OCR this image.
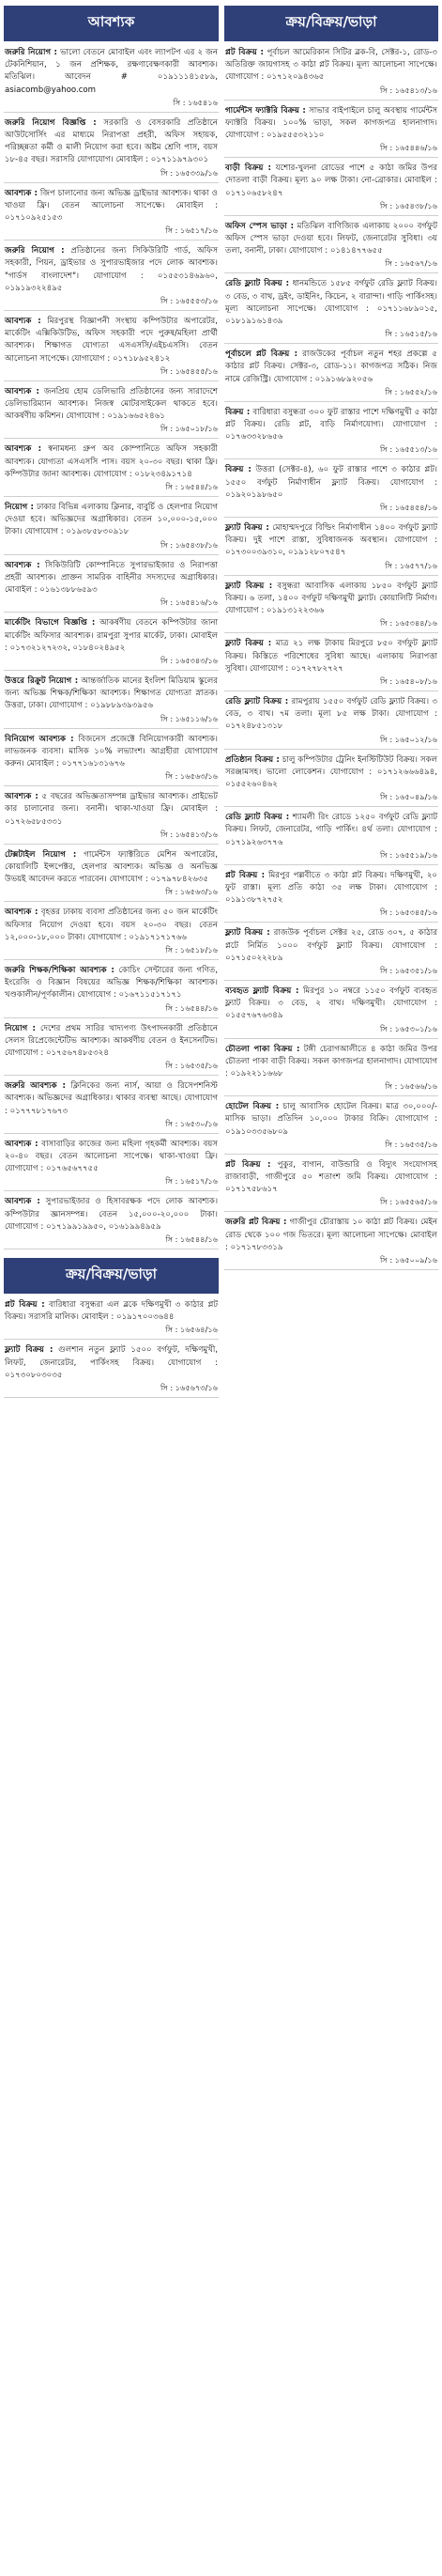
আবশ্যক

জরুরি নিয়োগ : ভালো বেতনে মোবাইল এবং ল্যাপটপ এর ২ জন টেকনিশিয়ান, ১ জন প্রশিক্ষক, রক্ষণাবেক্ষণকারী আবশ্যক। মতিঝিল। আবেদন # ০১৯১১১৪১৫৮৯, asiacomb@yahoo.com
সি : ১৬৫৪১৬

জরুরি নিয়োগ বিজ্ঞপ্তি : সরকারি ও বেসরকারি প্রতিষ্ঠানে আউটসোর্সিং এর মাধ্যমে নিরাপত্তা প্রহরী, অফিস সহায়ক, পরিচ্ছন্নতা কর্মী ও মালী নিয়োগ করা হবে। অষ্টম শ্রেণি পাস, বয়স ১৮-৪৫ বছর। সরাসরি যোগাযোগ। মোবাইল : ০১৭১১৯৭৯৩০১
সি : ১৬৫৩৩৯/১৬

আবশ্যক : জিপ চালানোর জন্য অভিজ্ঞ ড্রাইভার আবশ্যক। থাকা ও খাওয়া ফ্রি। বেতন আলোচনা সাপেক্ষে। মোবাইল : ০১৭১০৯২৫১৫৩
সি : ১৬৫১৭/১৬

জরুরি নিয়োগ : প্রতিষ্ঠানের জন্য সিকিউরিটি গার্ড, অফিস সহকারী, পিয়ন, ড্রাইভার ও সুপারভাইজার পদে লোক আবশ্যক। "গার্ডস বাংলাদেশ"। যোগাযোগ : ০১৫৫৩১৪৬৯৬০, ০১৯১৯৩২২৪৯৫
সি : ১৬৫৫৫৩/১৬

আবশ্যক : মিরপুরস্থ বিজ্ঞাপনী সংস্থায় কম্পিউটার অপারেটর, মার্কেটিং এক্সিকিউটিভ, অফিস সহকারী পদে পুরুষ/মহিলা প্রার্থী আবশ্যক। শিক্ষাগত যোগ্যতা এসএসসি/এইচএসসি। বেতন আলোচনা সাপেক্ষে। যোগাযোগ : ০১৭১৮৯৫২৪১২
সি : ১৬৫৪৫৫/১৬

আবশ্যক : জনপ্রিয় হোম ডেলিভারি প্রতিষ্ঠানের জন্য সারাদেশে ডেলিভারিম্যান আবশ্যক। নিজস্ব মোটরসাইকেল থাকতে হবে। আকর্ষণীয় কমিশন। যোগাযোগ : ০১৯১৬৬৫২৪৬১
সি : ১৬৫০১৮/১৬

আবশ্যক : স্বনামধন্য গ্রুপ অব কোম্পানিতে অফিস সহকারী আবশ্যক। যোগ্যতা এসএসসি পাস। বয়স ২০-৩০ বছর। থাকা ফ্রি। কম্পিউটার জানা আবশ্যক। যোগাযোগ : ০১৮২৩৪৯১৭১৪
সি : ১৬৫৪৪/১৬

নিয়োগ : ঢাকার বিভিন্ন এলাকায় ক্লিনার, বাবুর্চি ও হেলপার নিয়োগ দেওয়া হবে। অভিজ্ঞদের অগ্রাধিকার। বেতন ১০,০০০-১৫,০০০ টাকা। যোগাযোগ : ০১৯৩৮৫৮৩০৯১৮
সি : ১৬৫৪৩৮/১৬

আবশ্যক : সিকিউরিটি কোম্পানিতে সুপারভাইজার ও নিরাপত্তা প্রহরী আবশ্যক। প্রাক্তন সামরিক বাহিনীর সদস্যদের অগ্রাধিকার। মোবাইল : ০১৬১৩৮৮৬৫৯৩
সি : ১৬৫৪১৬/১৬

মার্কেটিং বিভাগে বিজ্ঞপ্তি : আকর্ষণীয় বেতনে কম্পিউটার জানা মার্কেটিং অফিসার আবশ্যক। রামপুরা সুপার মার্কেট, ঢাকা। মোবাইল : ০১৭৩২১২৭২৩২, ০১৮৪০২৪৯৫২
সি : ১৬৫৩৪৩/১৬

উত্তরে রিক্রুট নিয়োগ : আন্তর্জাতিক মানের ইংলিশ মিডিয়াম স্কুলের জন্য অভিজ্ঞ শিক্ষক/শিক্ষিকা আবশ্যক। শিক্ষাগত যোগ্যতা স্নাতক। উত্তরা, ঢাকা। যোগাযোগ : ০১৯৮৮৯৩৯৩৯৫৬
সি : ১৬৫১১৬/১৬

বিনিয়োগ আবশ্যক : বিজনেস প্রজেক্টে বিনিয়োগকারী আবশ্যক। লাভজনক ব্যবসা। মাসিক ১০% লভ্যাংশ। আগ্রহীরা যোগাযোগ করুন। মোবাইল : ০১৭৭১৬১৩১৬৭৬
সি : ১৬৫৬৩/১৬

আবশ্যক : ৫ বছরের অভিজ্ঞতাসম্পন্ন ড্রাইভার আবশ্যক। প্রাইভেট কার চালানোর জন্য। বনানী। থাকা-খাওয়া ফ্রি। মোবাইল : ০১৭২৬৫৮৫৩৩১
সি : ১৬৫৪১৩/১৬

টেক্সটাইল নিয়োগ : গার্মেন্টস ফ্যাক্টরিতে মেশিন অপারেটর, কোয়ালিটি ইন্সপেক্টর, হেলপার আবশ্যক। অভিজ্ঞ ও অনভিজ্ঞ উভয়ই আবেদন করতে পারবেন। যোগাযোগ : ০১৭৯৭৮৪২৬৩৫
সি : ১৬৫৬৩/১৬

আবশ্যক : বৃহত্তর ঢাকায় ব্যবসা প্রতিষ্ঠানের জন্য ৫০ জন মার্কেটিং অফিসার নিয়োগ দেওয়া হবে। বয়স ২০-৩০ বছর। বেতন ১২,০০০-১৮,০০০ টাকা। যোগাযোগ : ০১৯১৭১৭১৭৬৬
সি : ১৬৫১৮/১৬

জরুরি শিক্ষক/শিক্ষিকা আবশ্যক : কোচিং সেন্টারের জন্য গণিত, ইংরেজি ও বিজ্ঞান বিষয়ের অভিজ্ঞ শিক্ষক/শিক্ষিকা আবশ্যক। খণ্ডকালীন/পূর্ণকালীন। যোগাযোগ : ০১৬৭১১৫১৭১৭১
সি : ১৬৫৪৪/১৬

নিয়োগ : দেশের প্রথম সারির খাদ্যপণ্য উৎপাদনকারী প্রতিষ্ঠানে সেলস রিপ্রেজেন্টেটিভ আবশ্যক। আকর্ষণীয় বেতন ও ইনসেনটিভ। যোগাযোগ : ০১৭৫৬৭৪৮৫৩২৪
সি : ১৬৫৩৫/১৬

জরুরি আবশ্যক : ক্লিনিকের জন্য নার্স, আয়া ও রিসেপশনিস্ট আবশ্যক। অভিজ্ঞদের অগ্রাধিকার। থাকার ব্যবস্থা আছে। যোগাযোগ : ০১৭৭৭৮১৭৬৭৩
সি : ১৬৫৩০/১৬

আবশ্যক : বাসাবাড়ির কাজের জন্য মহিলা গৃহকর্মী আবশ্যক। বয়স ২০-৪০ বছর। বেতন আলোচনা সাপেক্ষে। থাকা-খাওয়া ফ্রি। যোগাযোগ : ০১৭৬৫৬৭৭৫৫
সি : ১৬৫১৭/১৬

আবশ্যক : সুপারভাইজার ও হিসাবরক্ষক পদে লোক আবশ্যক। কম্পিউটার জ্ঞানসম্পন্ন। বেতন ১৫,০০০-২০,০০০ টাকা। যোগাযোগ : ০১৭১৯৯১৯৯৫০, ০১৬১৯৯৪৯৫৯
সি : ১৬৫৪৪/১৬

ক্রয়/বিক্রয়/ভাড়া

প্লট বিক্রয় : বারিধারা বসুন্ধরা এল ব্লকে দক্ষিণমুখী ৩ কাঠার প্লট বিক্রয়। সরাসরি মালিক। মোবাইল : ০১৯১৭০০৩৬৪৪
সি : ১৬৫৬৪/১৬

ফ্ল্যাট বিক্রয় : গুলশান নতুন ফ্ল্যাট ১৫০০ বর্গফুট, দক্ষিণমুখী, লিফট, জেনারেটর, পার্কিংসহ বিক্রয়। যোগাযোগ : ০১৭৩০৮০৩০৩৫
সি : ১৬৫৬৭৩/১৬

ক্রয়/বিক্রয়/ভাড়া

প্লট বিক্রয় : পূর্বাচল আমেরিকান সিটির ব্লক-বি, সেক্টর-১, রোড-৩ অতিরিক্ত জায়গাসহ ৩ কাঠা প্লট বিক্রয়। মূল্য আলোচনা সাপেক্ষে। যোগাযোগ : ০১৭১২০৯৪৩৬৫
সি : ১৬৫৪১৩/১৬

গার্মেন্টস ফ্যাক্টরি বিক্রয় : সাভার বাইপাইলে চালু অবস্থায় গার্মেন্টস ফ্যাক্টরি বিক্রয়। ১০০% ভাড়া, সকল কাগজপত্র হালনাগাদ। যোগাযোগ : ০১৯৫৫৫৩২১১০
সি : ১৬৫৪৪৬/১৬

বাড়ী বিক্রয় : যশোর-খুলনা রোডের পাশে ৫ কাঠা জমির উপর দোতলা বাড়ী বিক্রয়। মূল্য ৯০ লক্ষ টাকা। নো-ব্রোকার। মোবাইল : ০১৭১০৬৫৮২৪৭
সি : ১৬৫৪৩৮/১৬

অফিস স্পেস ভাড়া : মতিঝিল বাণিজ্যিক এলাকায় ২০০০ বর্গফুট অফিস স্পেস ভাড়া দেওয়া হবে। লিফট, জেনারেটর সুবিধা। ৩য় তলা, বনানী, ঢাকা। যোগাযোগ : ০১৪১৪৭৭৬৫৫
সি : ১৬৫৬৭/১৬

রেডি ফ্ল্যাট বিক্রয় : ধানমন্ডিতে ১৫৮৫ বর্গফুট রেডি ফ্ল্যাট বিক্রয়। ৩ বেড, ৩ বাথ, ড্রইং, ডাইনিং, কিচেন, ২ বারান্দা। গাড়ি পার্কিংসহ। মূল্য আলোচনা সাপেক্ষে। যোগাযোগ : ০১৭১১৬৮৯০১৫, ০১৮১৯১৬১৪৩৯
সি : ১৬৫১৫/১৬

পূর্বাচলে প্লট বিক্রয় : রাজউকের পূর্বাচল নতুন শহর প্রকল্পে ৫ কাঠার প্লট বিক্রয়। সেক্টর-৩, রোড-১১। কাগজপত্র সঠিক। নিজ নামে রেজিস্ট্রি। যোগাযোগ : ০১৯১৬৮৯২০৫৬
সি : ১৬৫৫২/১৬

বিক্রয় : বারিধারা বসুন্ধরা ৩০০ ফুট রাস্তার পাশে দক্ষিণমুখী ৫ কাঠা প্লট বিক্রয়। রেডি প্লট, বাড়ি নির্মাণযোগ্য। যোগাযোগ : ০১৭৬৩৩২৮৬৫৬
সি : ১৬৫৫১৩/১৬

বিক্রয় : উত্তরা (সেক্টর-৪), ৬০ ফুট রাস্তার পাশে ৩ কাঠার প্লট। ১৫৫০ বর্গফুট নির্মাণাধীন ফ্ল্যাট বিক্রয়। যোগাযোগ : ০১৯২০১৯৮৬৫০
সি : ১৬৫৪৫৪/১৬

ফ্ল্যাট বিক্রয় : মোহাম্মদপুরে বিল্ডিং নির্মাণাধীন ১৪০০ বর্গফুট ফ্ল্যাট বিক্রয়। দুই পাশে রাস্তা, সুবিধাজনক অবস্থান। যোগাযোগ : ০১৭৩০০৩৯৩১০, ০১৯১২৮০৭৫৪৭
সি : ১৬৫৭৭/১৬

ফ্ল্যাট বিক্রয় : বসুন্ধরা আবাসিক এলাকায় ১৮৫০ বর্গফুট ফ্ল্যাট বিক্রয়। ৬ তলা, ১৪০০ বর্গফুট দক্ষিণমুখী ফ্ল্যাট। কোয়ালিটি নির্মাণ। যোগাযোগ : ০১৯১৩১২২৩৬৬
সি : ১৬৫৩৪৪/১৬

ফ্ল্যাট বিক্রয় : মাত্র ২১ লক্ষ টাকায় মিরপুরে ৮৫০ বর্গফুট ফ্ল্যাট বিক্রয়। কিস্তিতে পরিশোধের সুবিধা আছে। এলাকায় নিরাপত্তা সুবিধা। যোগাযোগ : ০১৭২৭৮২৭২৭
সি : ১৬৫৪০৮/১৬

রেডি ফ্ল্যাট বিক্রয় : রামপুরায় ১৫৫০ বর্গফুট রেডি ফ্ল্যাট বিক্রয়। ৩ বেড, ৩ বাথ। ৭ম তলা। মূল্য ৮৫ লক্ষ টাকা। যোগাযোগ : ০১৭২৪৮৫১৩১৮
সি : ১৬৫০১২/১৬

প্রতিষ্ঠান বিক্রয় : চালু কম্পিউটার ট্রেনিং ইনস্টিটিউট বিক্রয়। সকল সরঞ্জামসহ। ভালো লোকেশন। যোগাযোগ : ০১৭১২৬৬৬৪৯৪, ০১৫৫২৬০৪৬২
সি : ১৬৫০৪৯/১৬

রেডি ফ্ল্যাট বিক্রয় : শ্যামলী রিং রোডে ১২৫০ বর্গফুট রেডি ফ্ল্যাট বিক্রয়। লিফট, জেনারেটর, গাড়ি পার্কিং। ৪র্থ তলা। যোগাযোগ : ০১৭১৯২৬৩৭৭৬
সি : ১৬৫৫১৯/১৬

প্লট বিক্রয় : মিরপুর পল্লবীতে ৩ কাঠা প্লট বিক্রয়। দক্ষিণমুখী, ২০ ফুট রাস্তা। মূল্য প্রতি কাঠা ৩৫ লক্ষ টাকা। যোগাযোগ : ০১৯১৩৮৭২৭৫২
সি : ১৬৫৩৪৫/১৬

ফ্ল্যাট বিক্রয় : রাজউক পূর্বাচল সেক্টর ২৫, রোড ৩০৭, ৫ কাঠার প্লটে নির্মিত ১০০০ বর্গফুট ফ্ল্যাট বিক্রয়। যোগাযোগ : ০১৭১৫০২২২৮৯
সি : ১৬৫৩৫১/১৬

ব্যবহৃত ফ্ল্যাট বিক্রয় : মিরপুর ১০ নম্বরে ১১৫০ বর্গফুট ব্যবহৃত ফ্ল্যাট বিক্রয়। ৩ বেড, ২ বাথ। দক্ষিণমুখী। যোগাযোগ : ০১৫৫৭৬৭৬৩৪৯
সি : ১৬৫৩০১/১৬

চৌতলা পাকা বিক্রয় : টঙ্গী চেরাগআলীতে ৪ কাঠা জমির উপর চৌতলা পাকা বাড়ী বিক্রয়। সকল কাগজপত্র হালনাগাদ। যোগাযোগ : ০১৯২২১১৬৬৮
সি : ১৬৫৬৬/১৬

হোটেল বিক্রয় : চালু আবাসিক হোটেল বিক্রয়। মাত্র ৩০,০০০/- মাসিক ভাড়া। প্রতিদিন ১০,০০০ টাকার বিক্রি। যোগাযোগ : ০১৯১০৩৩৫৬৮০৯
সি : ১৬৫৩৫/১৬

প্লট বিক্রয় : পুকুর, বাগান, বাউন্ডারি ও বিদ্যুৎ সংযোগসহ রাজাবাড়ী, গাজীপুরে ৫০ শতাংশ জমি বিক্রয়। যোগাযোগ : ০১৭১৭৫৮৬১৭
সি : ১৬৫৫৬৫/১৬

জরুরি প্লট বিক্রয় : গাজীপুর চৌরাস্তায় ১০ কাঠা প্লট বিক্রয়। মেইন রোড থেকে ১০০ গজ ভিতরে। মূল্য আলোচনা সাপেক্ষে। মোবাইল : ০১৭১৭৮৩৩১৯
সি : ১৬৫০০৯/১৬
